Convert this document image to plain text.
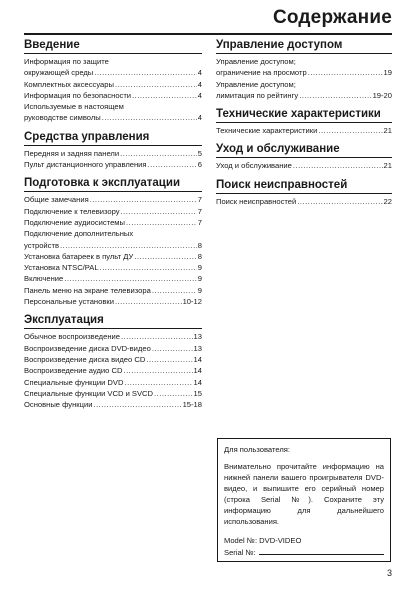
Содержание
Введение
Информация по защите
окружающей среды .....	4
Комплектных аксессуары .....	4
Информация по безопасности .....	4
Используемые в настоящем
руководстве символы .....	4
Средства управления
Передняя и задняя панели .....	5
Пульт дистанционного управления .....	6
Подготовка к эксплуатации
Общие замечания .....	7
Подключение к телевизору .....	7
Подключение аудиосистемы .....	7
Подключение дополнительных
устройств .....	8
Установка батареек в пульт ДУ .....	8
Установка NTSC/PAL .....	9
Включение .....	9
Панель меню на экране телевизора .....	9
Персональные установки .....	10-12
Эксплуатация
Обычное воспроизведение .....	13
Воспроизведение диска DVD-видео .....	13
Воспроизведение диска видео CD .....	14
Воспроизведение аудио CD .....	14
Специальные функции DVD .....	14
Специальные функции VCD и SVCD .....	15
Основные функции .....	15-18
Управление доступом
Управление доступом;
ограничение на просмотр .....	19
Управление доступом;
лимитация по рейтингу .....	19-20
Технические характеристики
Технические характеристики .....	21
Уход и обслуживание
Уход и обслуживание .....	21
Поиск неисправностей
Поиск неисправностей .....	22
Для пользователя:
Внимательно прочитайте информацию на нижней панели вашего проигрывателя DVD-видео, и выпишите его серийный номер (строка Serial №). Сохраните эту информацию для дальнейшего использования.
Model №: DVD-VIDEO
Serial №:
3
